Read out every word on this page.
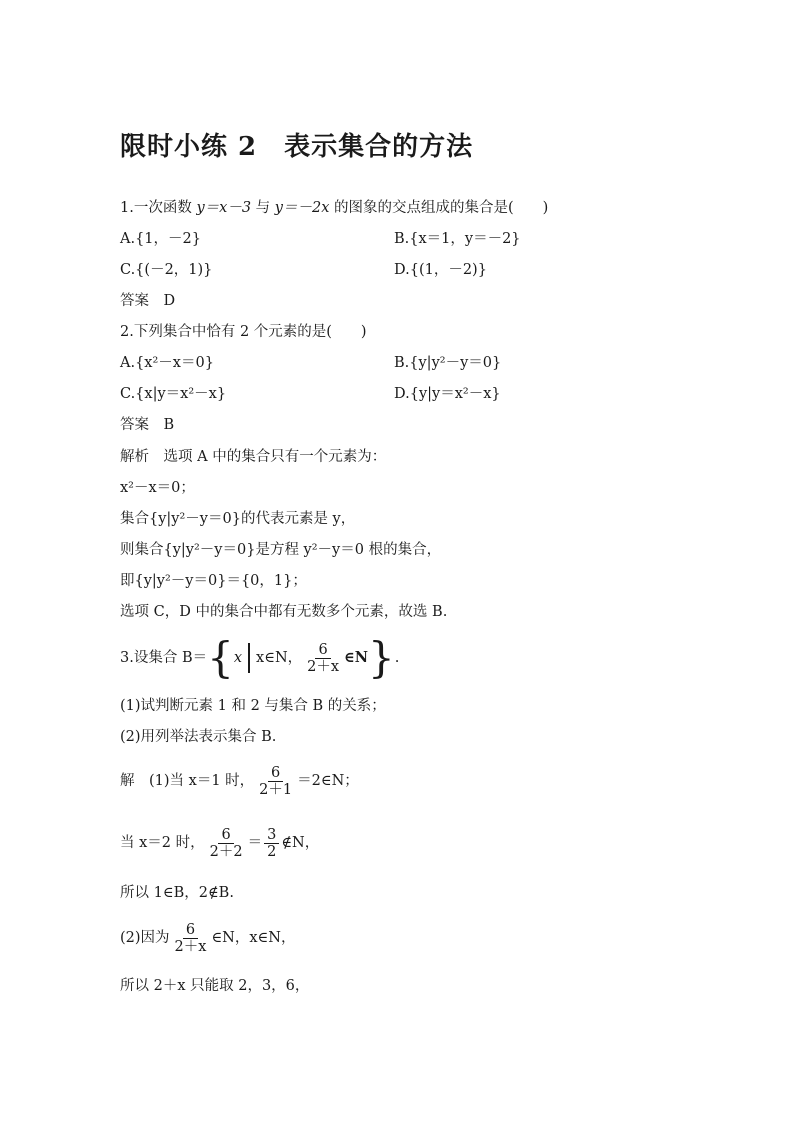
限时小练 2　表示集合的方法
1.一次函数 y＝x－3 与 y＝－2x 的图象的交点组成的集合是(　　)
A.{1，－2}	B.{x＝1，y＝－2}
C.{(－2，1)}	D.{(1，－2)}
答案　D
2.下列集合中恰有 2 个元素的是(　　)
A.{x²－x＝0}	B.{y|y²－y＝0}
C.{x|y＝x²－x}	D.{y|y＝x²－x}
答案　B
解析　选项 A 中的集合只有一个元素为：
x²－x＝0；
集合{y|y²－y＝0}的代表元素是 y，
则集合{y|y²－y＝0}是方程 y²－y＝0 根的集合，
即{y|y²－y＝0}＝{0，1}；
选项 C，D 中的集合中都有无数多个元素，故选 B.
3.设集合 B＝{x x∈N， $\frac{6}{2+x}$ ∈N}.
(1)试判断元素 1 和 2 与集合 B 的关系；
(2)用列举法表示集合 B.
解　(1)当 x＝1 时， $\frac{6}{2+1}$ ＝2∈N；
当 x＝2 时， $\frac{6}{2+2} = \frac{3}{2}$ ∉N，
所以 1∈B，2∉B.
(2)因为 $\frac{6}{2+x}$ ∈N，x∈N，
所以 2＋x 只能取 2，3，6，
